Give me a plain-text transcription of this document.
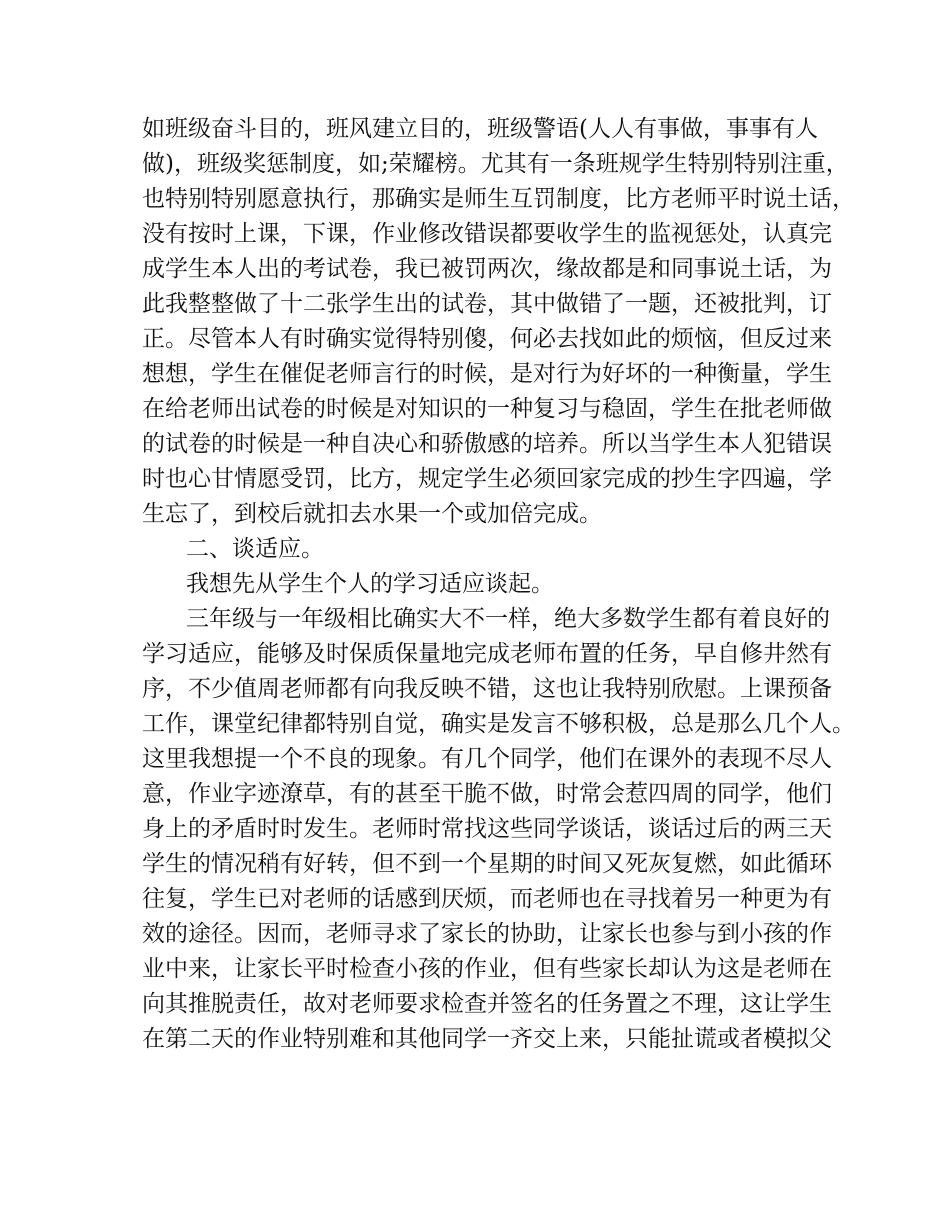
如班级奋斗目的，班风建立目的，班级警语(人人有事做，事事有人
做)，班级奖惩制度，如;荣耀榜。尤其有一条班规学生特别特别注重，
也特别特别愿意执行，那确实是师生互罚制度，比方老师平时说土话，
没有按时上课，下课，作业修改错误都要收学生的监视惩处，认真完
成学生本人出的考试卷，我已被罚两次，缘故都是和同事说土话，为
此我整整做了十二张学生出的试卷，其中做错了一题，还被批判，订
正。尽管本人有时确实觉得特别傻，何必去找如此的烦恼，但反过来
想想，学生在催促老师言行的时候，是对行为好坏的一种衡量，学生
在给老师出试卷的时候是对知识的一种复习与稳固，学生在批老师做
的试卷的时候是一种自决心和骄傲感的培养。所以当学生本人犯错误
时也心甘情愿受罚，比方，规定学生必须回家完成的抄生字四遍，学
生忘了，到校后就扣去水果一个或加倍完成。
二、谈适应。
我想先从学生个人的学习适应谈起。
三年级与一年级相比确实大不一样，绝大多数学生都有着良好的
学习适应，能够及时保质保量地完成老师布置的任务，早自修井然有
序，不少值周老师都有向我反映不错，这也让我特别欣慰。上课预备
工作，课堂纪律都特别自觉，确实是发言不够积极，总是那么几个人。
这里我想提一个不良的现象。有几个同学，他们在课外的表现不尽人
意，作业字迹潦草，有的甚至干脆不做，时常会惹四周的同学，他们
身上的矛盾时时发生。老师时常找这些同学谈话，谈话过后的两三天
学生的情况稍有好转，但不到一个星期的时间又死灰复燃，如此循环
往复，学生已对老师的话感到厌烦，而老师也在寻找着另一种更为有
效的途径。因而，老师寻求了家长的协助，让家长也参与到小孩的作
业中来，让家长平时检查小孩的作业，但有些家长却认为这是老师在
向其推脱责任，故对老师要求检查并签名的任务置之不理，这让学生
在第二天的作业特别难和其他同学一齐交上来，只能扯谎或者模拟父
